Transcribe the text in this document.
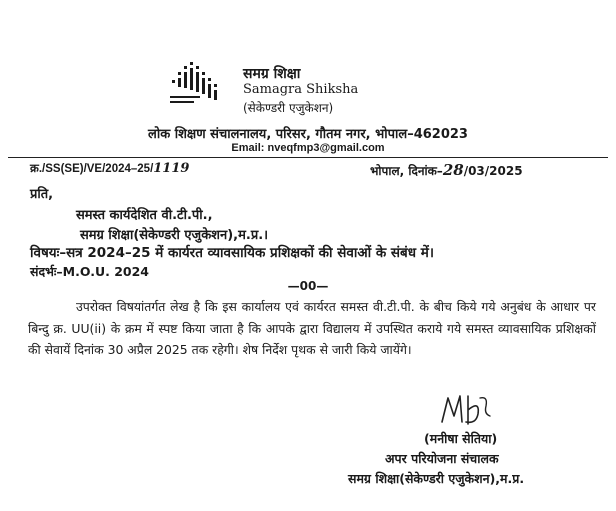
समग्र शिक्षा
Samagra Shiksha
(सेकेण्डरी एजुकेशन)
लोक शिक्षण संचालनालय, परिसर, गौतम नगर, भोपाल–462023
Email: nveqfmp3@gmail.com
क्र./SS(SE)/VE/2024–25/1119	भोपाल, दिनांक–28/03/2025
प्रति,
समस्त कार्यदेशित वी.टी.पी.,
समग्र शिक्षा(सेकेण्डरी एजुकेशन),म.प्र.।
विषयः–सत्र 2024–25 में कार्यरत व्यावसायिक प्रशिक्षकों की सेवाओं के संबंध में।
संदर्भः–M.O.U. 2024
—00—
उपरोक्त विषयांतर्गत लेख है कि इस कार्यालय एवं कार्यरत समस्त वी.टी.पी. के बीच किये गये अनुबंध के आधार पर बिन्दु क्र. UU(ii) के क्रम में स्पष्ट किया जाता है कि आपके द्वारा विद्यालय में उपस्थित कराये गये समस्त व्यावसायिक प्रशिक्षकों की सेवायें दिनांक 30 अप्रैल 2025 तक रहेगी। शेष निर्देश पृथक से जारी किये जायेंगे।
(मनीषा सेतिया)
अपर परियोजना संचालक
समग्र शिक्षा(सेकेण्डरी एजुकेशन),म.प्र.
